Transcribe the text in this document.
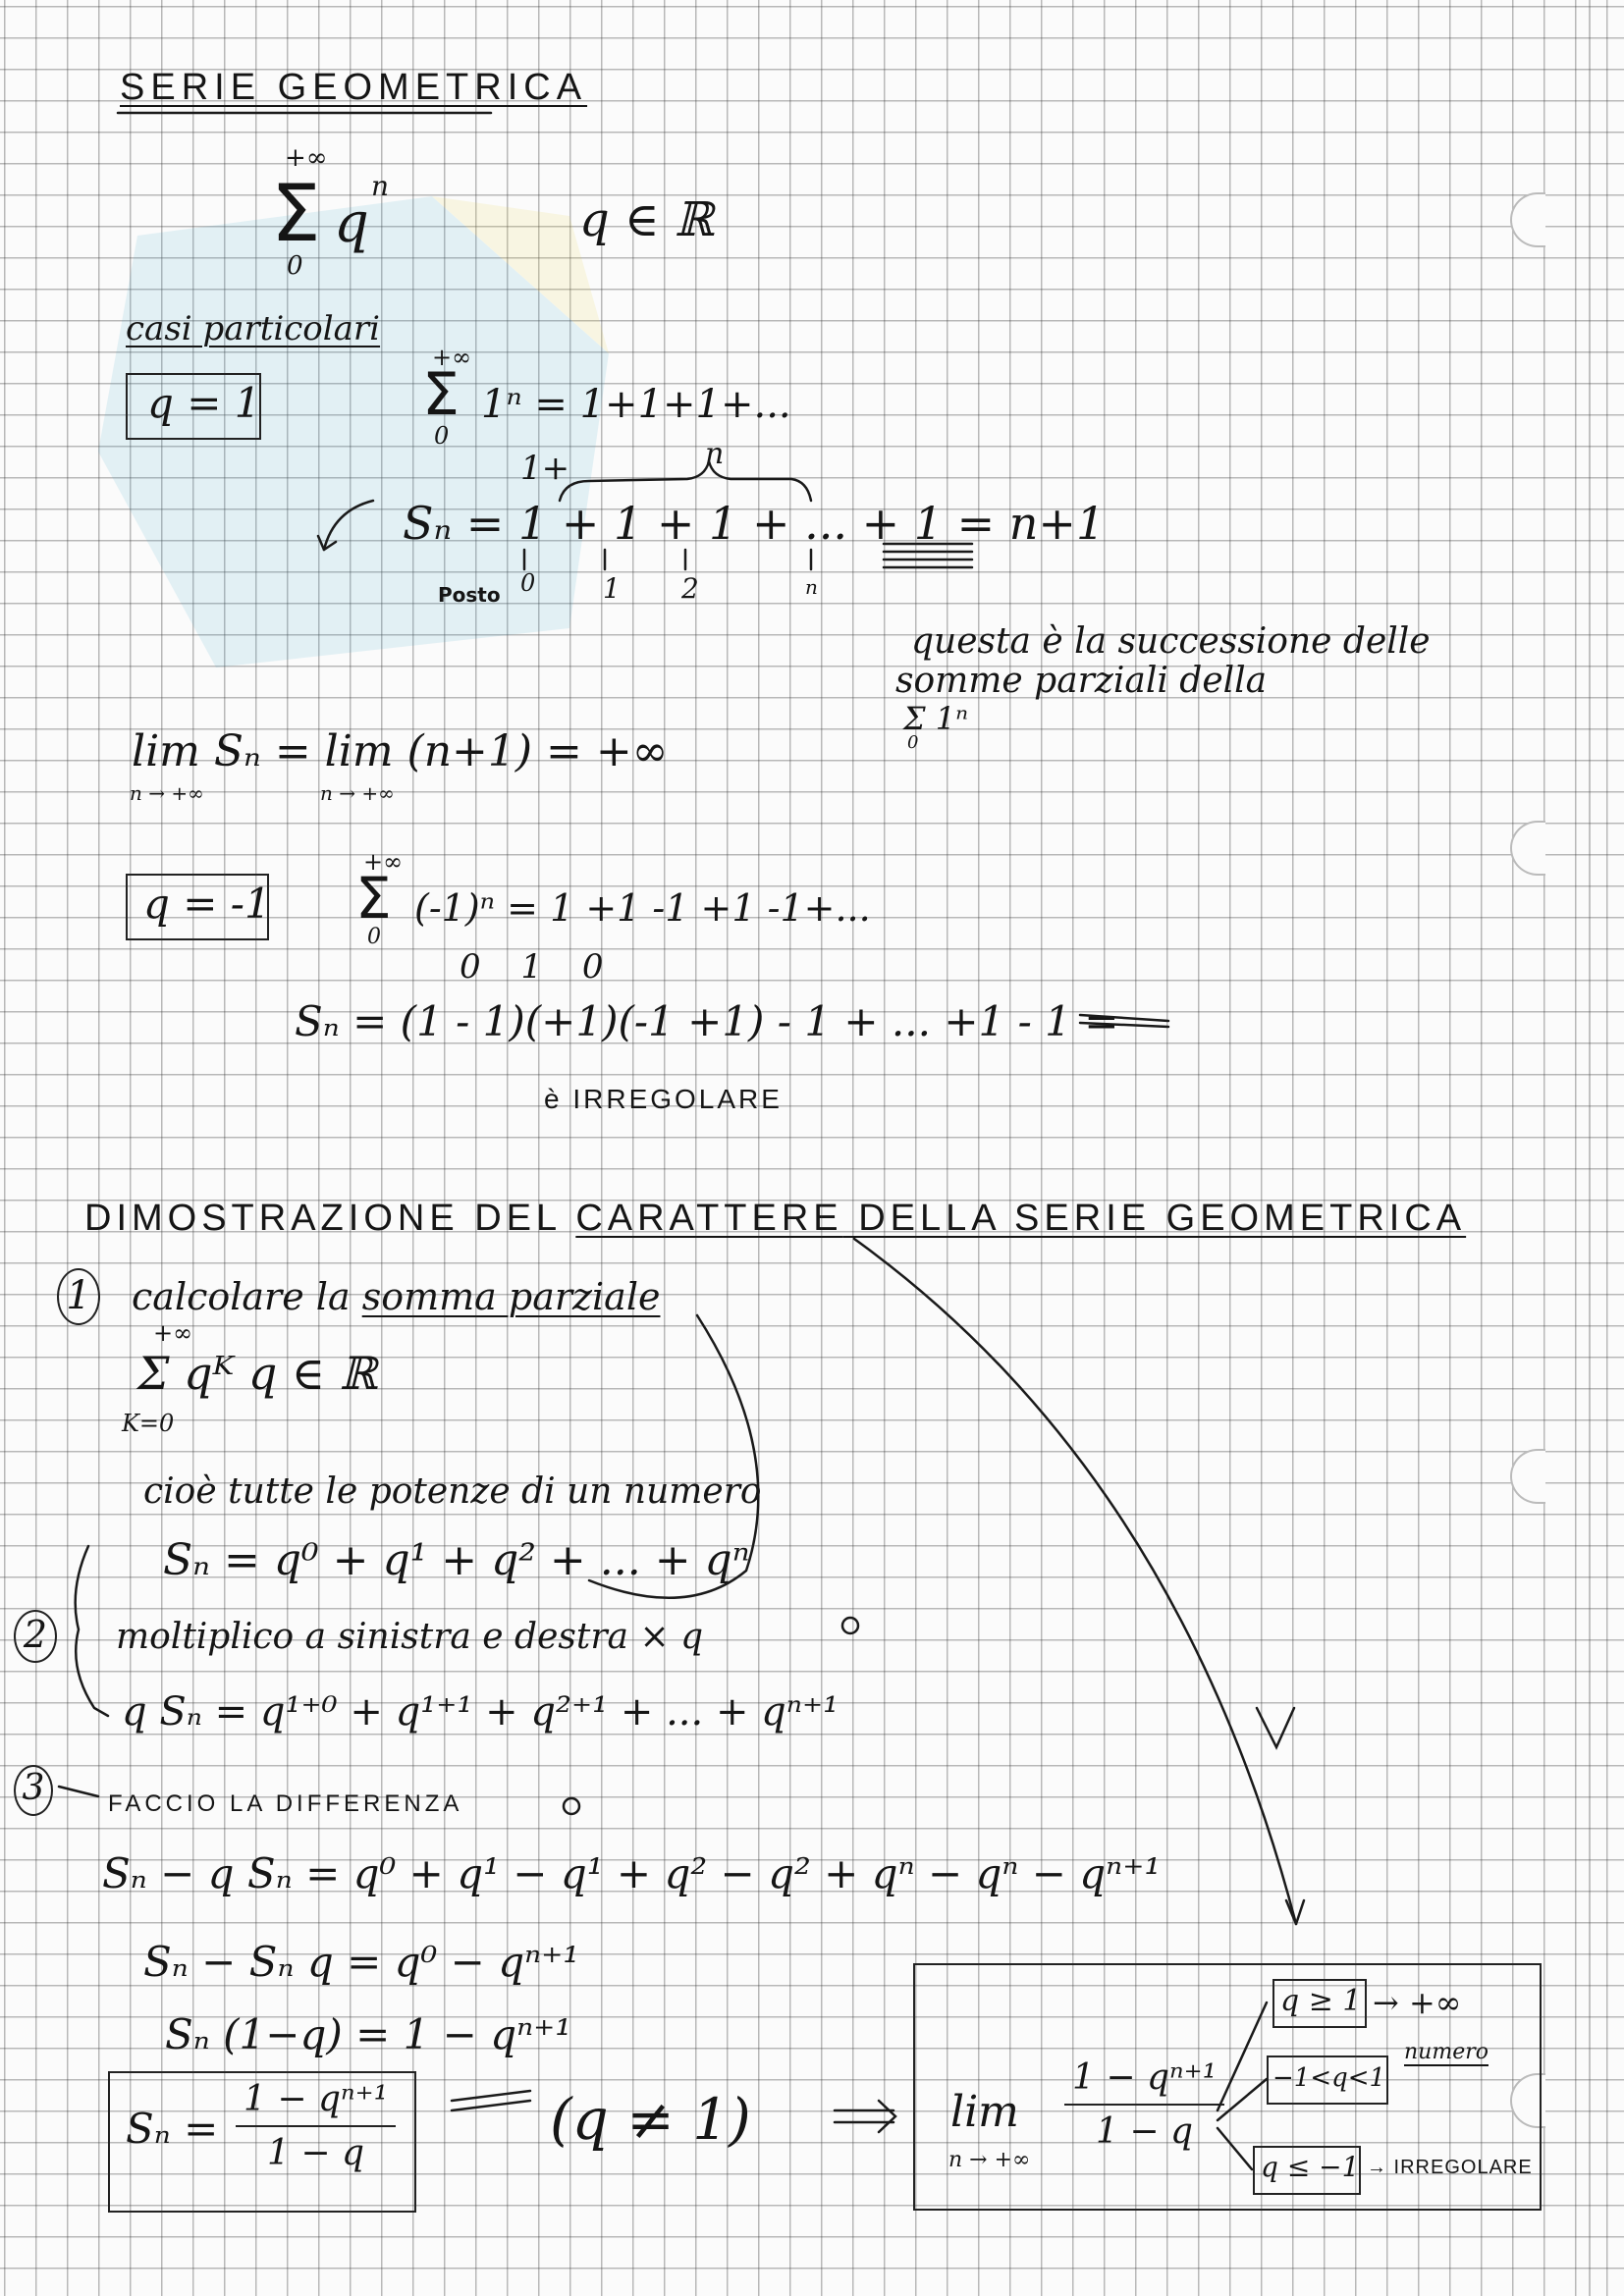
SERIE GEOMETRICA
+∞
Σ
0
q
n
q ∈ ℝ
casi particolari
q = 1
+∞
Σ
0
1ⁿ = 1+1+1+...
n
1+
Sₙ = 1 + 1 + 1 + ... + 1 = n+1
Posto 0 1 2	n
questa è la successione delle
somme parziali della
Σ 1ⁿ
0
lim Sₙ = lim (n+1) = +∞
n → +∞	n → +∞
q = -1
+∞
Σ
0
(-1)ⁿ = 1 +1 -1 +1 -1+...
0 1 0
Sₙ = (1 - 1)(+1)(-1 +1) - 1 + ... +1 - 1 =
è IRREGOLARE
DIMOSTRAZIONE DEL CARATTERE DELLA SERIE GEOMETRICA
1 calcolare la somma parziale
+∞
Σ qᴷ q ∈ ℝ
K=0
cioè tutte le potenze di un numero
Sₙ = q⁰ + q¹ + q² + ... + qⁿ
2 moltiplico a sinistra e destra × q
q Sₙ = q¹⁺⁰ + q¹⁺¹ + q²⁺¹ + ... + qⁿ⁺¹
3	FACCIO LA DIFFERENZA
Sₙ − q Sₙ = q⁰ + q¹ − q¹ + q² − q² + qⁿ − qⁿ − qⁿ⁺¹
Sₙ − Sₙ q = q⁰ − qⁿ⁺¹
Sₙ (1−q) = 1 − qⁿ⁺¹
$S_n = \frac{\text{1 − qⁿ⁺¹}}{1 - q}$	(q ≠ 1)	lim
n → +∞
$\frac{\text{1 − qⁿ⁺¹}}{1 - q}$
q ≥ 1 → +∞
−1<q<1
numero
q ≤ −1 → IRREGOLARE
